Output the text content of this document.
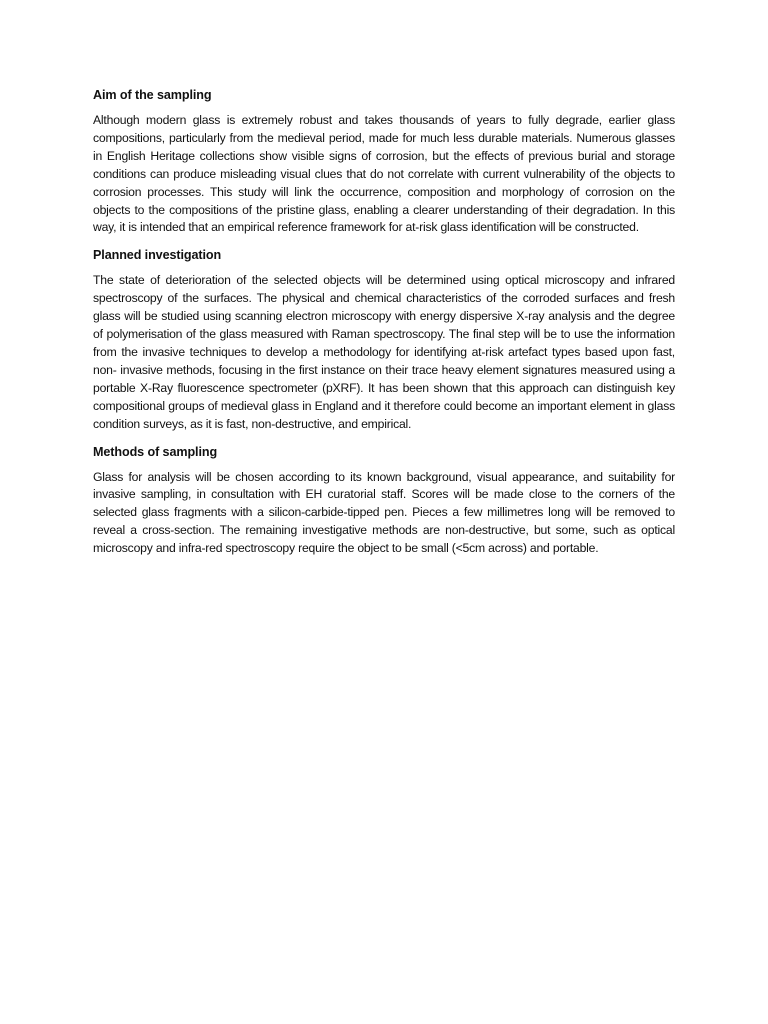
Aim of the sampling

Although modern glass is extremely robust and takes thousands of years to fully degrade, earlier glass compositions, particularly from the medieval period, made for much less durable materials. Numerous glasses in English Heritage collections show visible signs of corrosion, but the effects of previous burial and storage conditions can produce misleading visual clues that do not correlate with current vulnerability of the objects to corrosion processes. This study will link the occurrence, composition and morphology of corrosion on the objects to the compositions of the pristine glass, enabling a clearer understanding of their degradation. In this way, it is intended that an empirical reference framework for at-risk glass identification will be constructed.

Planned investigation

The state of deterioration of the selected objects will be determined using optical microscopy and infrared spectroscopy of the surfaces. The physical and chemical characteristics of the corroded surfaces and fresh glass will be studied using scanning electron microscopy with energy dispersive X-ray analysis and the degree of polymerisation of the glass measured with Raman spectroscopy. The final step will be to use the information from the invasive techniques to develop a methodology for identifying at-risk artefact types based upon fast, non- invasive methods, focusing in the first instance on their trace heavy element signatures measured using a portable X-Ray fluorescence spectrometer (pXRF). It has been shown that this approach can distinguish key compositional groups of medieval glass in England and it therefore could become an important element in glass condition surveys, as it is fast, non-destructive, and empirical.

Methods of sampling

Glass for analysis will be chosen according to its known background, visual appearance, and suitability for invasive sampling, in consultation with EH curatorial staff. Scores will be made close to the corners of the selected glass fragments with a silicon-carbide-tipped pen. Pieces a few millimetres long will be removed to reveal a cross-section. The remaining investigative methods are non-destructive, but some, such as optical microscopy and infra-red spectroscopy require the object to be small (<5cm across) and portable.
